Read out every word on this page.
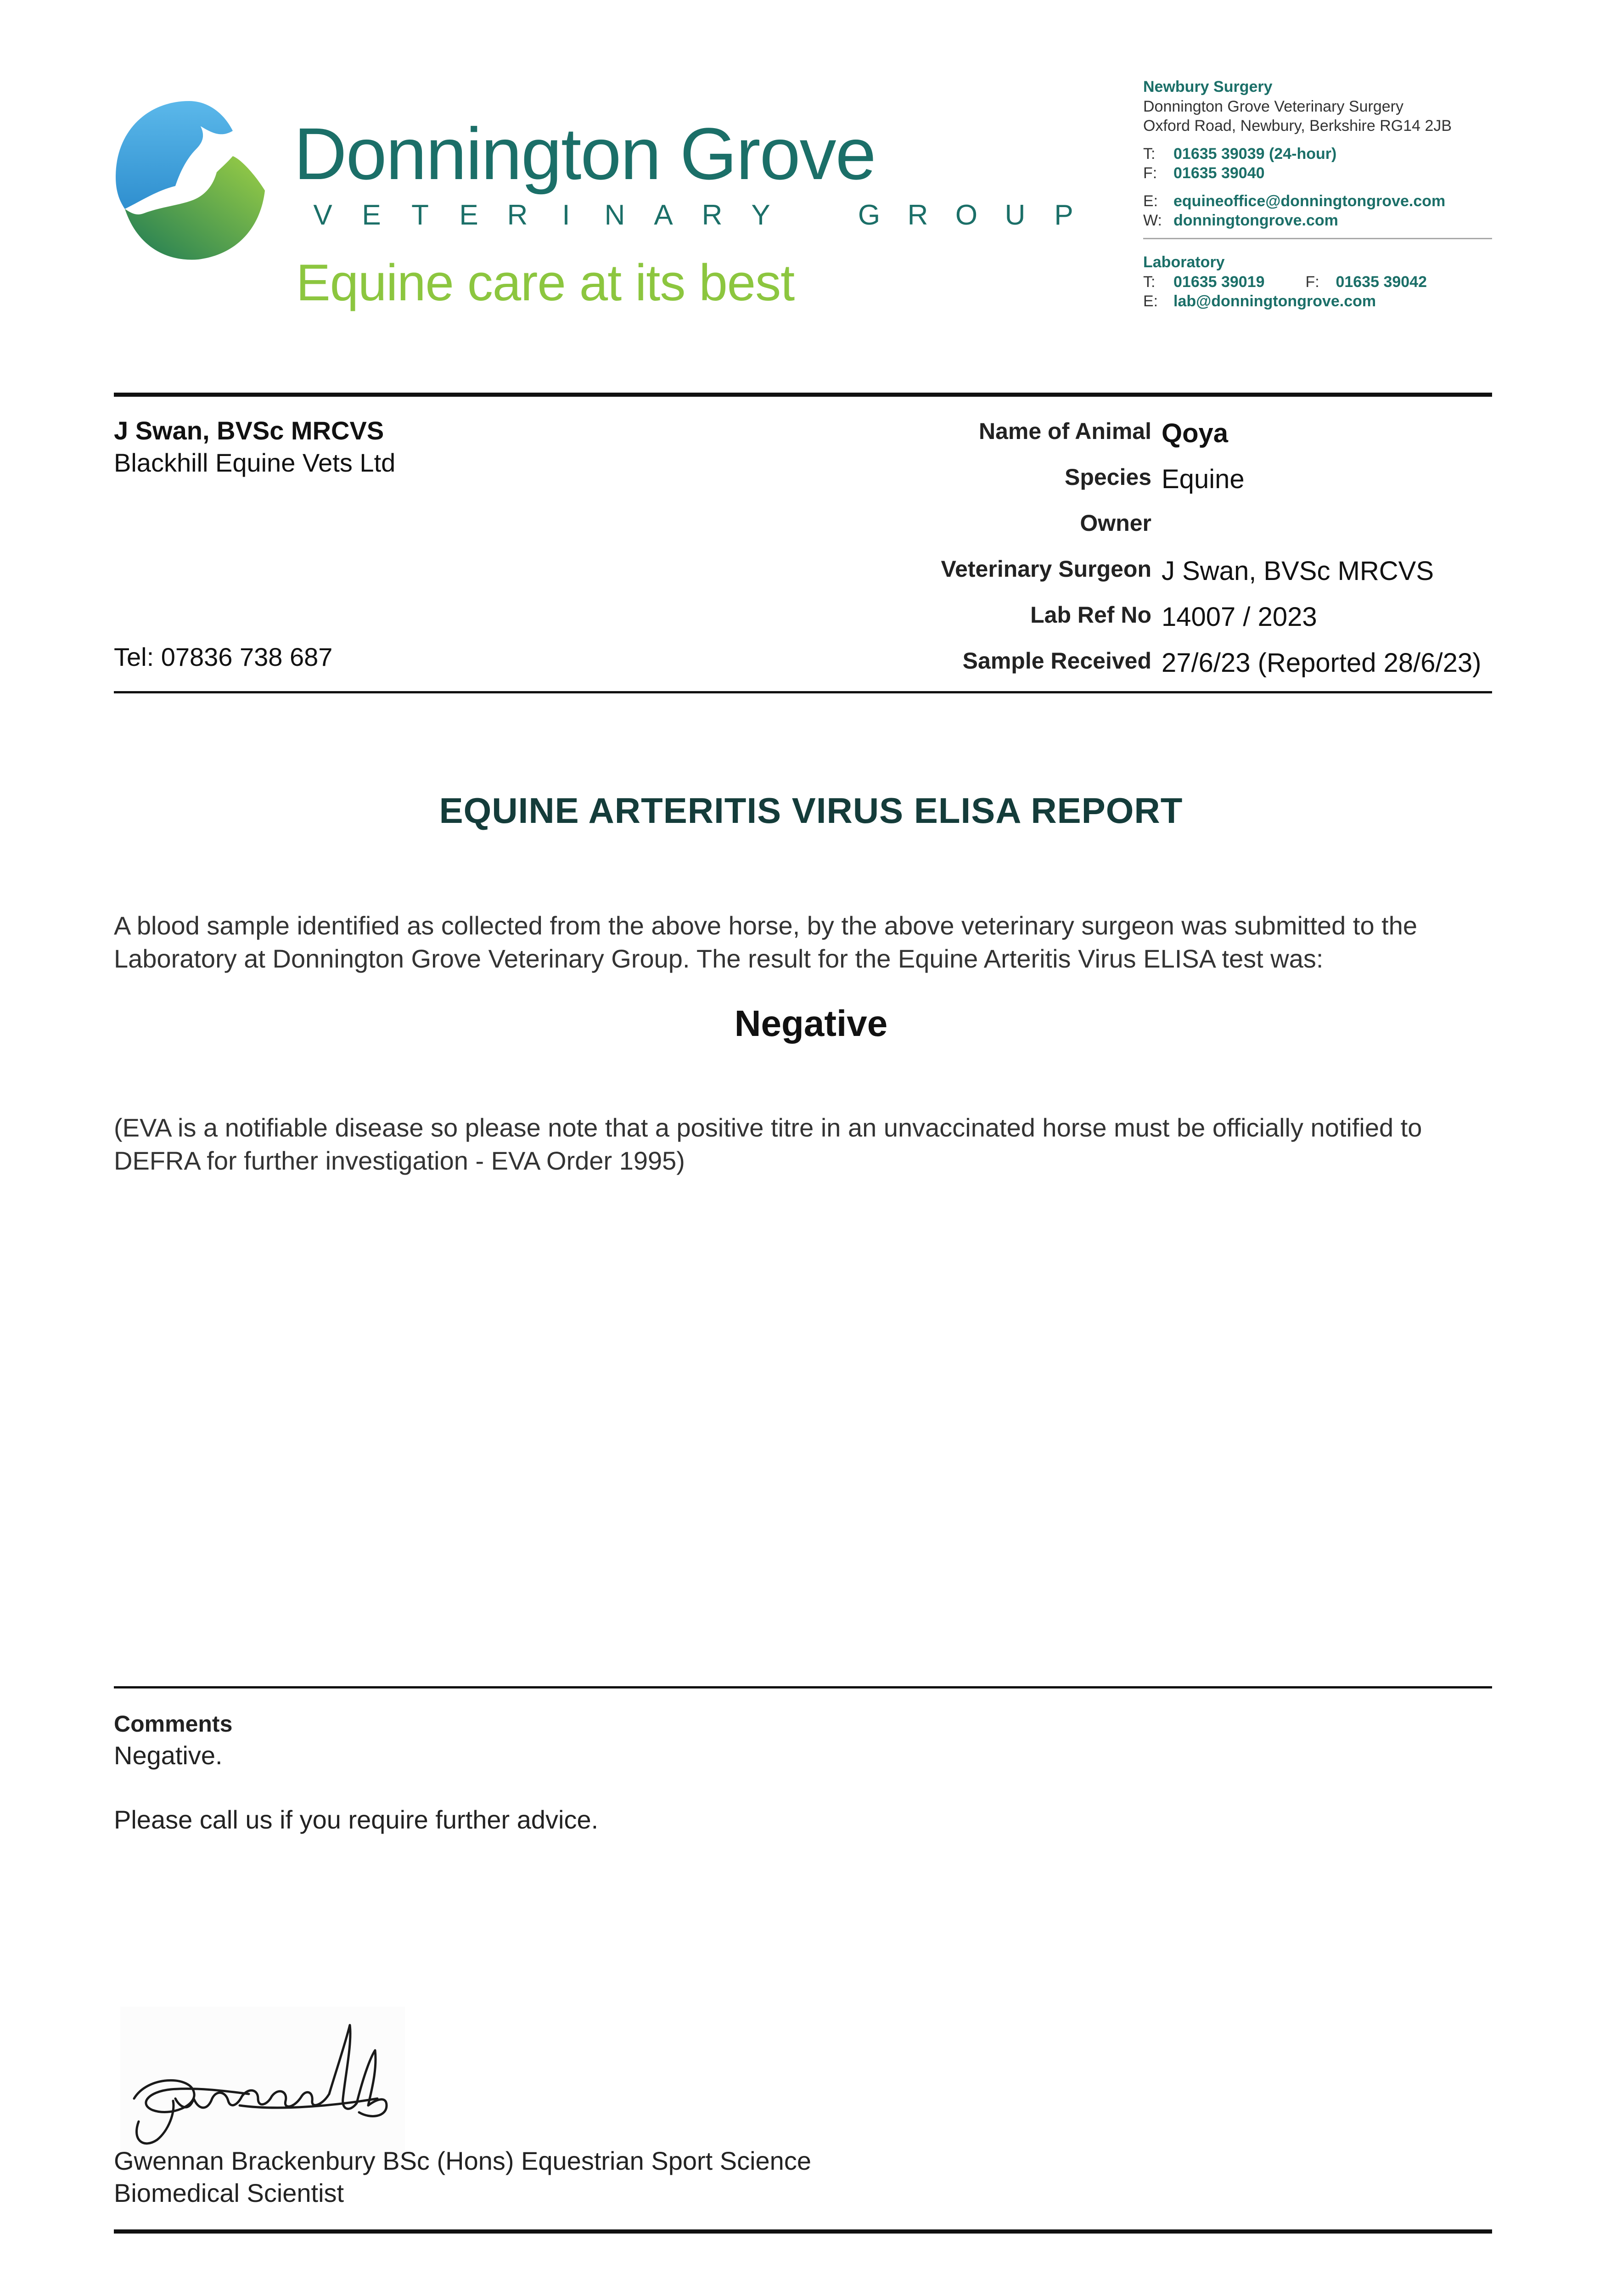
Donnington Grove
V E T E R I N A R Y	G R O U P
Equine care at its best
Newbury Surgery
Donnington Grove Veterinary Surgery
Oxford Road, Newbury, Berkshire RG14 2JB
T: 01635 39039 (24-hour)
F: 01635 39040
E: equineoffice@donningtongrove.com
W: donningtongrove.com
Laboratory
T: 01635 39019	F: 01635 39042
E: lab@donningtongrove.com
J Swan, BVSc MRCVS
Blackhill Equine Vets Ltd
Tel: 07836 738 687
Name of Animal Qoya
Species Equine
Owner
Veterinary Surgeon J Swan, BVSc MRCVS
Lab Ref No 14007 / 2023
Sample Received 27/6/23 (Reported 28/6/23)
EQUINE ARTERITIS VIRUS ELISA REPORT
A blood sample identified as collected from the above horse, by the above veterinary surgeon was submitted to the Laboratory at Donnington Grove Veterinary Group. The result for the Equine Arteritis Virus ELISA test was:
Negative
(EVA is a notifiable disease so please note that a positive titre in an unvaccinated horse must be officially notified to DEFRA for further investigation - EVA Order 1995)
Comments
Negative.
Please call us if you require further advice.
Gwennan Brackenbury BSc (Hons) Equestrian Sport Science
Biomedical Scientist
